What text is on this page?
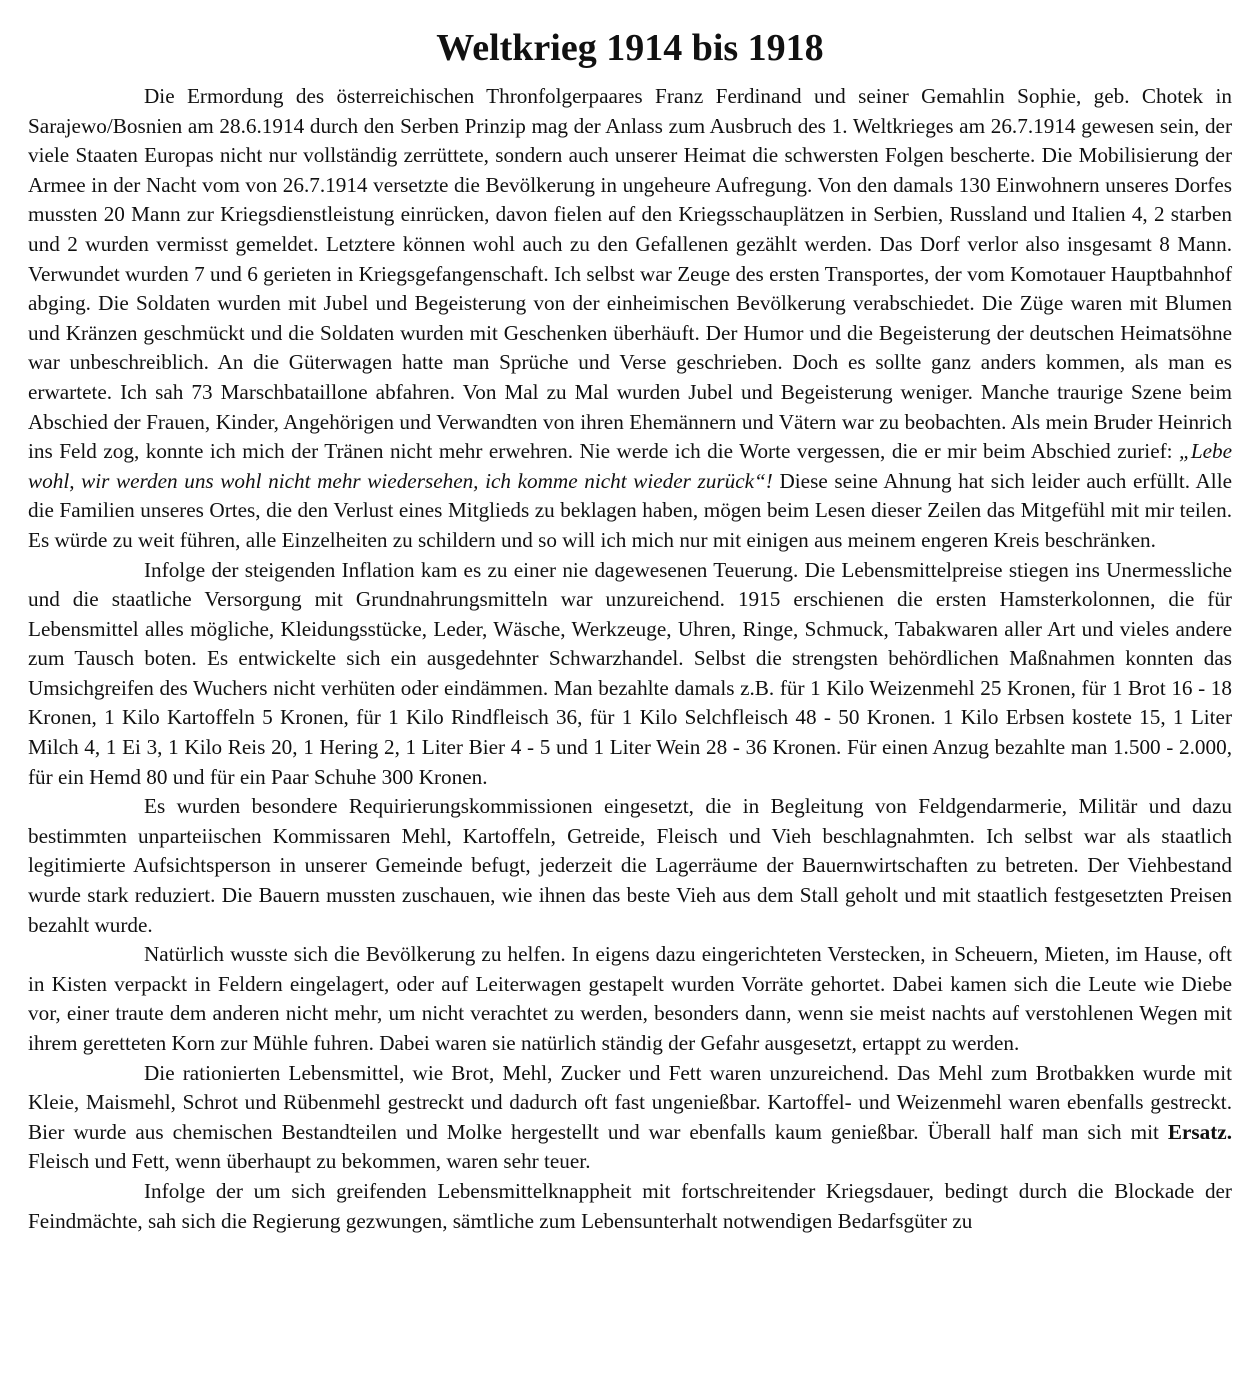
Weltkrieg 1914 bis 1918

Die Ermordung des österreichischen Thronfolgerpaares Franz Ferdinand und seiner Gemahlin Sophie, geb. Chotek in Sarajewo/Bosnien am 28.6.1914 durch den Serben Prinzip mag der Anlass zum Ausbruch des 1. Weltkrieges am 26.7.1914 gewesen sein, der viele Staaten Europas nicht nur vollständig zerrüttete, sondern auch unserer Heimat die schwersten Folgen bescherte. Die Mobilisierung der Armee in der Nacht vom von 26.7.1914 versetzte die Bevölkerung in ungeheure Aufregung. Von den damals 130 Einwohnern unseres Dorfes mussten 20 Mann zur Kriegsdienstleistung einrücken, davon fielen auf den Kriegsschauplätzen in Serbien, Russland und Italien 4, 2 starben und 2 wurden vermisst gemeldet. Letztere können wohl auch zu den Gefallenen gezählt werden. Das Dorf verlor also insgesamt 8 Mann. Verwundet wurden 7 und 6 gerieten in Kriegsgefangenschaft. Ich selbst war Zeuge des ersten Transportes, der vom Komotauer Hauptbahnhof abging. Die Soldaten wurden mit Jubel und Begeisterung von der einheimischen Bevölkerung verabschiedet. Die Züge waren mit Blumen und Kränzen geschmückt und die Soldaten wurden mit Geschenken überhäuft. Der Humor und die Begeisterung der deutschen Heimatsöhne war unbeschreiblich. An die Güterwagen hatte man Sprüche und Verse geschrieben. Doch es sollte ganz anders kommen, als man es erwartete. Ich sah 73 Marschbataillone abfahren. Von Mal zu Mal wurden Jubel und Begeisterung weniger. Manche traurige Szene beim Abschied der Frauen, Kinder, Angehörigen und Verwandten von ihren Ehemännern und Vätern war zu beobachten. Als mein Bruder Heinrich ins Feld zog, konnte ich mich der Tränen nicht mehr erwehren. Nie werde ich die Worte vergessen, die er mir beim Abschied zurief: „Lebe wohl, wir werden uns wohl nicht mehr wiedersehen, ich komme nicht wieder zurück“! Diese seine Ahnung hat sich leider auch erfüllt. Alle die Familien unseres Ortes, die den Verlust eines Mitglieds zu beklagen haben, mögen beim Lesen dieser Zeilen das Mitgefühl mit mir teilen. Es würde zu weit führen, alle Einzelheiten zu schildern und so will ich mich nur mit einigen aus meinem engeren Kreis beschränken.

Infolge der steigenden Inflation kam es zu einer nie dagewesenen Teuerung. Die Lebensmittelpreise stiegen ins Unermessliche und die staatliche Versorgung mit Grundnahrungsmitteln war unzureichend. 1915 erschienen die ersten Hamsterkolonnen, die für Lebensmittel alles mögliche, Kleidungsstücke, Leder, Wäsche, Werkzeuge, Uhren, Ringe, Schmuck, Tabakwaren aller Art und vieles andere zum Tausch boten. Es entwickelte sich ein ausgedehnter Schwarzhandel. Selbst die strengsten behördlichen Maßnahmen konnten das Umsichgreifen des Wuchers nicht verhüten oder eindämmen. Man bezahlte damals z.B. für 1 Kilo Weizenmehl 25 Kronen, für 1 Brot 16 - 18 Kronen, 1 Kilo Kartoffeln 5 Kronen, für 1 Kilo Rindfleisch 36, für 1 Kilo Selchfleisch 48 - 50 Kronen. 1 Kilo Erbsen kostete 15, 1 Liter Milch 4, 1 Ei 3, 1 Kilo Reis 20, 1 Hering 2, 1 Liter Bier 4 - 5 und 1 Liter Wein 28 - 36 Kronen. Für einen Anzug bezahlte man 1.500 - 2.000, für ein Hemd 80 und für ein Paar Schuhe 300 Kronen.

Es wurden besondere Requirierungskommissionen eingesetzt, die in Begleitung von Feldgendarmerie, Militär und dazu bestimmten unparteiischen Kommissaren Mehl, Kartoffeln, Getreide, Fleisch und Vieh beschlagnahmten. Ich selbst war als staatlich legitimierte Aufsichtsperson in unserer Gemeinde befugt, jederzeit die Lagerräume der Bauernwirtschaften zu betreten. Der Viehbestand wurde stark reduziert. Die Bauern mussten zuschauen, wie ihnen das beste Vieh aus dem Stall geholt und mit staatlich festgesetzten Preisen bezahlt wurde.

Natürlich wusste sich die Bevölkerung zu helfen. In eigens dazu eingerichteten Verstecken, in Scheuern, Mieten, im Hause, oft in Kisten verpackt in Feldern eingelagert, oder auf Leiterwagen gestapelt wurden Vorräte gehortet. Dabei kamen sich die Leute wie Diebe vor, einer traute dem anderen nicht mehr, um nicht verachtet zu werden, besonders dann, wenn sie meist nachts auf verstohlenen Wegen mit ihrem geretteten Korn zur Mühle fuhren. Dabei waren sie natürlich ständig der Gefahr ausgesetzt, ertappt zu werden.

Die rationierten Lebensmittel, wie Brot, Mehl, Zucker und Fett waren unzureichend. Das Mehl zum Brotbakken wurde mit Kleie, Maismehl, Schrot und Rübenmehl gestreckt und dadurch oft fast ungenießbar. Kartoffel- und Weizenmehl waren ebenfalls gestreckt. Bier wurde aus chemischen Bestandteilen und Molke hergestellt und war ebenfalls kaum genießbar. Überall half man sich mit Ersatz. Fleisch und Fett, wenn überhaupt zu bekommen, waren sehr teuer.

Infolge der um sich greifenden Lebensmittelknappheit mit fortschreitender Kriegsdauer, bedingt durch die Blockade der Feindmächte, sah sich die Regierung gezwungen, sämtliche zum Lebensunterhalt notwendigen Bedarfsgüter zu
